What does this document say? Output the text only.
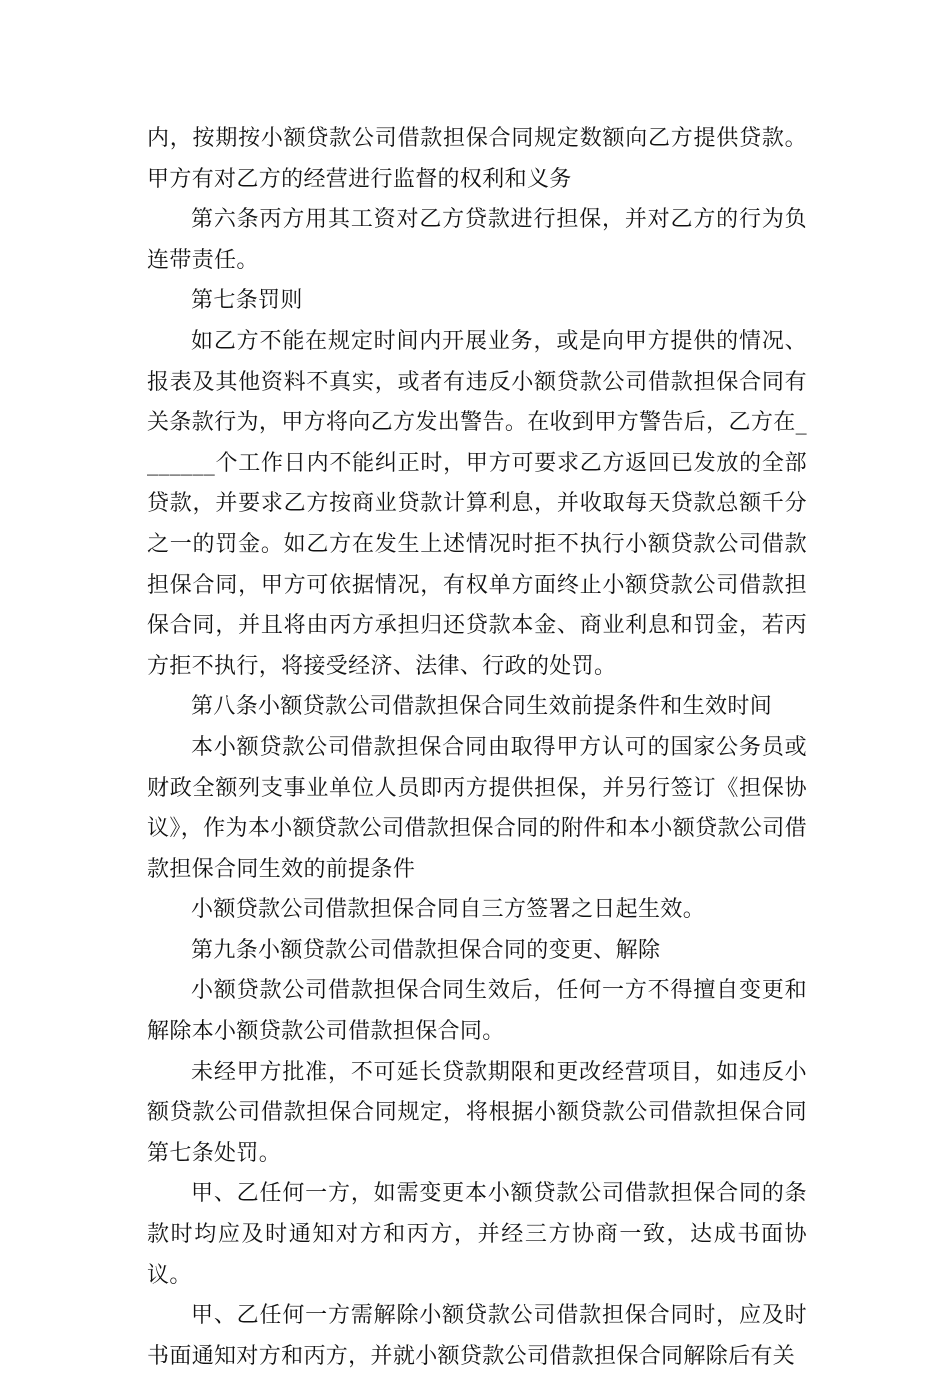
内，按期按小额贷款公司借款担保合同规定数额向乙方提供贷款。甲方有对乙方的经营进行监督的权利和义务

第六条丙方用其工资对乙方贷款进行担保，并对乙方的行为负连带责任。

第七条罚则

如乙方不能在规定时间内开展业务，或是向甲方提供的情况、报表及其他资料不真实，或者有违反小额贷款公司借款担保合同有关条款行为，甲方将向乙方发出警告。在收到甲方警告后，乙方在_______个工作日内不能纠正时，甲方可要求乙方返回已发放的全部贷款，并要求乙方按商业贷款计算利息，并收取每天贷款总额千分之一的罚金。如乙方在发生上述情况时拒不执行小额贷款公司借款担保合同，甲方可依据情况，有权单方面终止小额贷款公司借款担保合同，并且将由丙方承担归还贷款本金、商业利息和罚金，若丙方拒不执行，将接受经济、法律、行政的处罚。

第八条小额贷款公司借款担保合同生效前提条件和生效时间

本小额贷款公司借款担保合同由取得甲方认可的国家公务员或财政全额列支事业单位人员即丙方提供担保，并另行签订《担保协议》，作为本小额贷款公司借款担保合同的附件和本小额贷款公司借款担保合同生效的前提条件

小额贷款公司借款担保合同自三方签署之日起生效。

第九条小额贷款公司借款担保合同的变更、解除

小额贷款公司借款担保合同生效后，任何一方不得擅自变更和解除本小额贷款公司借款担保合同。

未经甲方批准，不可延长贷款期限和更改经营项目，如违反小额贷款公司借款担保合同规定，将根据小额贷款公司借款担保合同第七条处罚。

甲、乙任何一方，如需变更本小额贷款公司借款担保合同的条款时均应及时通知对方和丙方，并经三方协商一致，达成书面协议。

甲、乙任何一方需解除小额贷款公司借款担保合同时，应及时书面通知对方和丙方，并就小额贷款公司借款担保合同解除后有关
